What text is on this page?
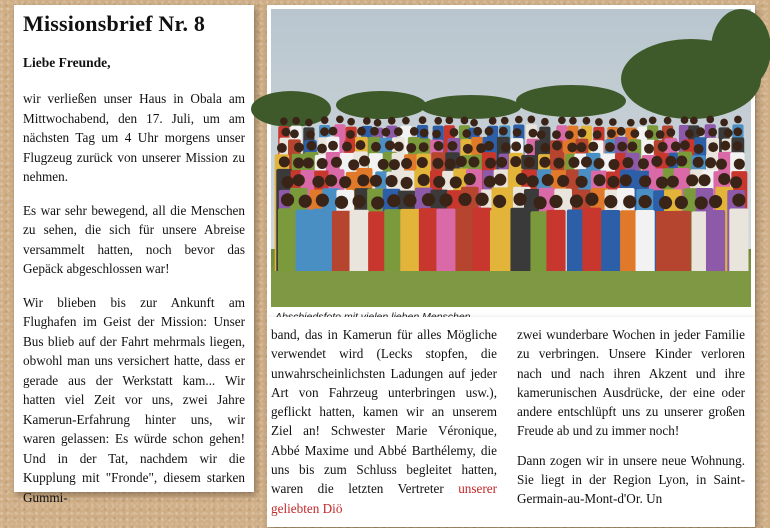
Missionsbrief Nr. 8
Liebe Freunde,

wir verließen unser Haus in Obala am Mittwochabend, den 17. Juli, um am nächsten Tag um 4 Uhr morgens unser Flugzeug zurück von unserer Mission zu nehmen.

Es war sehr bewegend, all die Menschen zu sehen, die sich für unsere Abreise versammelt hatten, noch bevor das Gepäck abgeschlossen war!

Wir blieben bis zur Ankunft am Flughafen im Geist der Mission: Unser Bus blieb auf der Fahrt mehrmals liegen, obwohl man uns versichert hatte, dass er gerade aus der Werkstatt kam... Wir hatten viel Zeit vor uns, zwei Jahre Kamerun-Erfahrung hinter uns, wir waren gelassen: Es würde schon gehen! Und in der Tat, nachdem wir die Kupplung mit "Fronde", diesem starken Gummi-

band, das in Kamerun für alles Mögliche verwendet wird (Lecks stopfen, die unwahrscheinlichsten Ladungen auf jeder Art von Fahrzeug unterbringen usw.), geflickt hatten, kamen wir an unserem Ziel an! Schwester Marie Véronique, Abbé Maxime und Abbé Barthélemy, die uns bis zum Schluss begleitet hatten, waren die letzten Vertreter unserer geliebten Diö

zwei wunderbare Wochen in jeder Familie zu verbringen. Unsere Kinder verloren nach und nach ihren Akzent und ihre kamerunischen Ausdrücke, der eine oder andere entschlüpft uns zu unserer großen Freude ab und zu immer noch!

Dann zogen wir in unsere neue Wohnung. Sie liegt in der Region Lyon, in Saint-Germain-au-Mont-d'Or. Un
